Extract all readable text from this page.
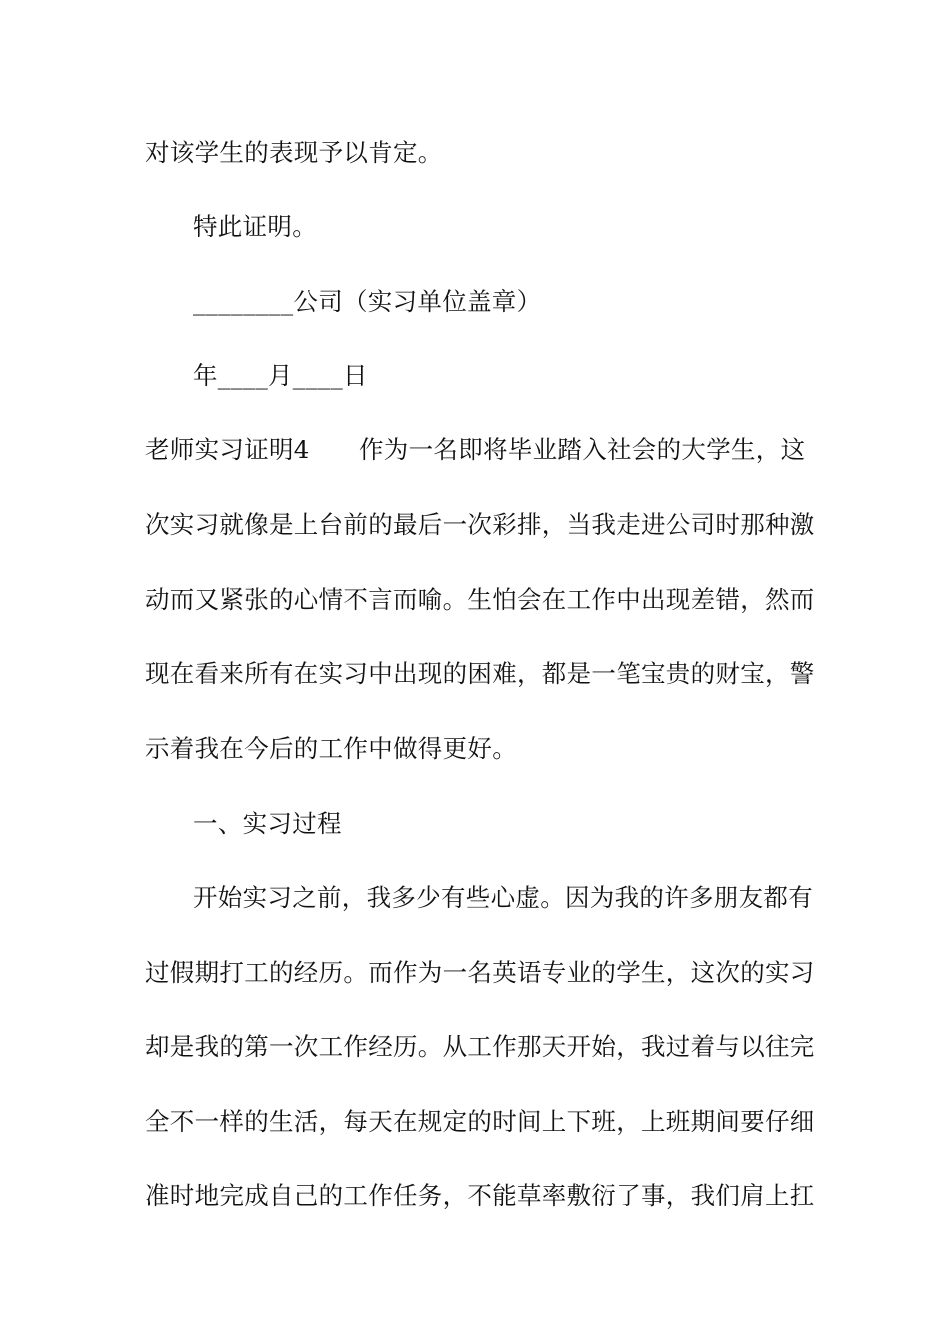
对该学生的表现予以肯定。
特此证明。
________公司（实习单位盖章）
年____月____日
老师实习证明4 作为一名即将毕业踏入社会的大学生，这
次实习就像是上台前的最后一次彩排，当我走进公司时那种激
动而又紧张的心情不言而喻。生怕会在工作中出现差错，然而
现在看来所有在实习中出现的困难，都是一笔宝贵的财宝，警
示着我在今后的工作中做得更好。
一、实习过程
开始实习之前，我多少有些心虚。因为我的许多朋友都有
过假期打工的经历。而作为一名英语专业的学生，这次的实习
却是我的第一次工作经历。从工作那天开始，我过着与以往完
全不一样的生活，每天在规定的时间上下班，上班期间要仔细
准时地完成自己的工作任务，不能草率敷衍了事，我们肩上扛
